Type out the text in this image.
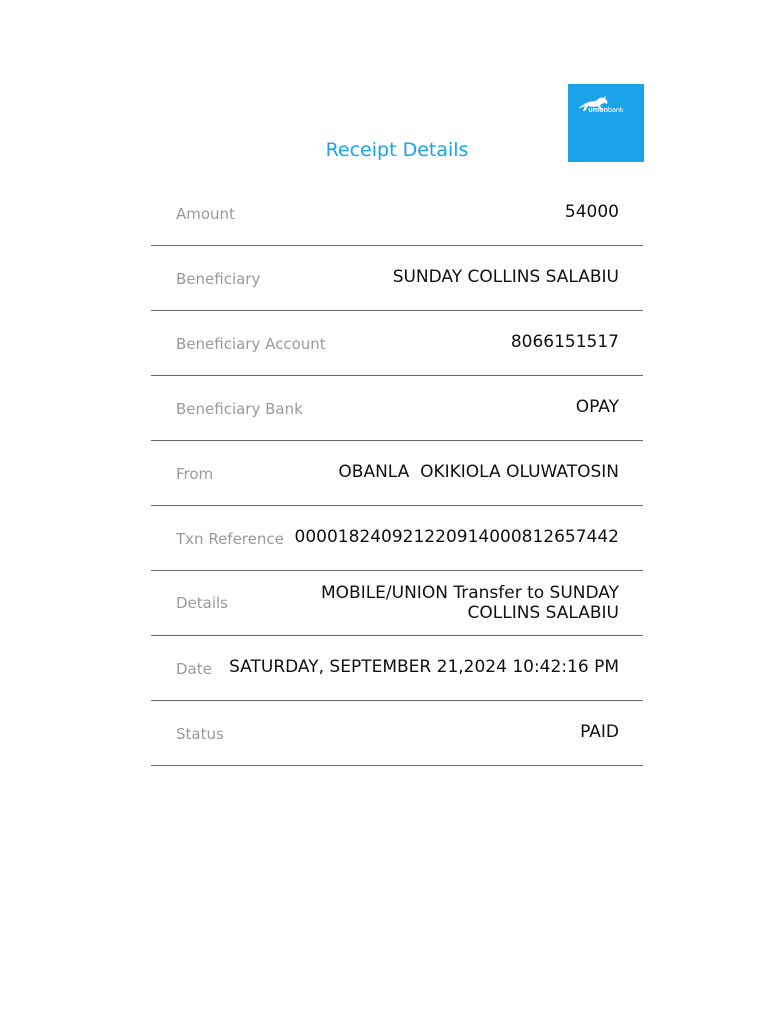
unionbank
Receipt Details
Amount	54000
Beneficiary	SUNDAY COLLINS SALABIU
Beneficiary Account	8066151517
Beneficiary Bank	OPAY
From	OBANLA  OKIKIOLA OLUWATOSIN
Txn Reference 000018240921220914000812657442
Details	MOBILE/UNION Transfer to SUNDAY
COLLINS SALABIU
Date SATURDAY, SEPTEMBER 21,2024 10:42:16 PM
Status	PAID
